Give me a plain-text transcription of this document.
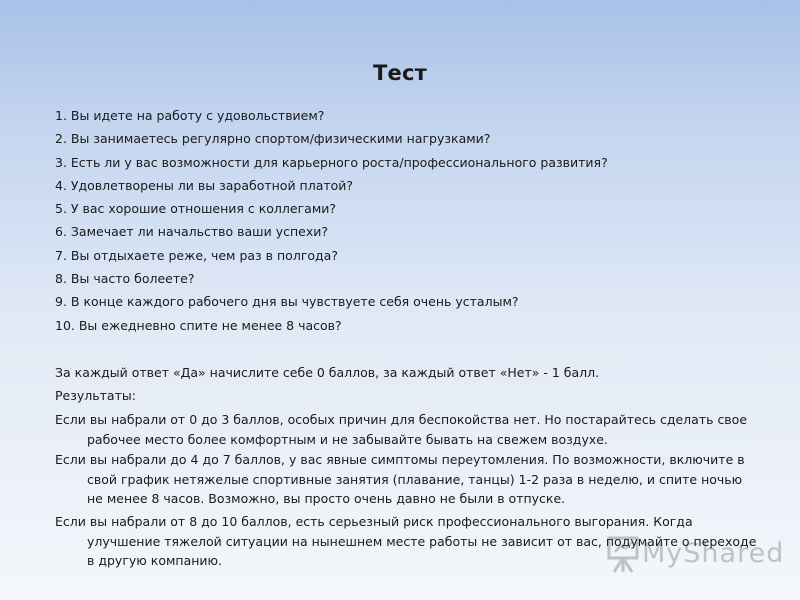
Тест
1. Вы идете на работу с удовольствием?
2. Вы занимаетесь регулярно спортом/физическими нагрузками?
3. Есть ли у вас возможности для карьерного роста/профессионального развития?
4. Удовлетворены ли вы заработной платой?
5. У вас хорошие отношения с коллегами?
6. Замечает ли начальство ваши успехи?
7. Вы отдыхаете реже, чем раз в полгода?
8. Вы часто болеете?
9. В конце каждого рабочего дня вы чувствуете себя очень усталым?
10. Вы ежедневно спите не менее 8 часов?

За каждый ответ «Да» начислите себе 0 баллов, за каждый ответ «Нет» - 1 балл.

Результаты:

Если вы набрали от 0 до 3 баллов, особых причин для беспокойства нет. Но постарайтесь сделать свое рабочее место более комфортным и не забывайте бывать на свежем воздухе.
Если вы набрали до 4 до 7 баллов, у вас явные симптомы переутомления. По возможности, включите в свой график нетяжелые спортивные занятия (плавание, танцы) 1-2 раза в неделю, и спите ночью не менее 8 часов. Возможно, вы просто очень давно не были в отпуске.
Если вы набрали от 8 до 10 баллов, есть серьезный риск профессионального выгорания. Когда улучшение тяжелой ситуации на нынешнем месте работы не зависит от вас, подумайте о переходе в другую компанию.	MyShared
